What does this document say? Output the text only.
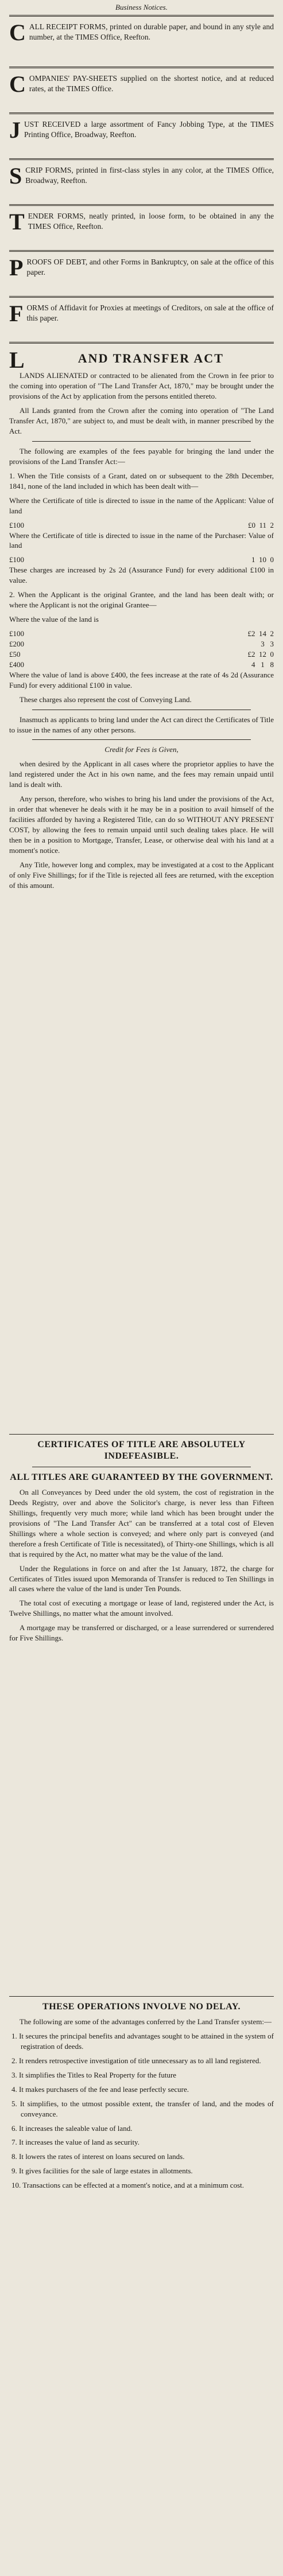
Business Notices.
C ALL RECEIPT FORMS, printed on durable paper, and bound in any style and number, at the TIMES Office, Reefton.
C OMPANIES' PAY-SHEETS supplied on the shortest notice, and at reduced rates, at the TIMES Office.
J UST RECEIVED a large assortment of Fancy Jobbing Type, at the TIMES Printing Office, Broadway, Reefton.
S CRIP FORMS, printed in first-class styles in any color, at the TIMES Office, Broadway, Reefton.
T ENDER FORMS, neatly printed, in loose form, to be obtained in any the TIMES Office, Reefton.
P ROOFS OF DEBT, and other Forms in Bankruptcy, on sale at the office of this paper.
F ORMS of Affidavit for Proxies at meetings of Creditors, on sale at the office of this paper.
L	AND TRANSFER ACT

LANDS ALIENATED or contracted to be alienated from the Crown in fee prior to the coming into operation of "The Land Transfer Act, 1870," may be brought under the provisions of the Act by application from the persons entitled thereto.

All Lands granted from the Crown after the coming into operation of "The Land Transfer Act, 1870," are subject to, and must be dealt with, in manner prescribed by the Act.

The following are examples of the fees payable for bringing the land under the provisions of the Land Transfer Act:—

1. When the Title consists of a Grant, dated on or subsequent to the 28th December, 1841, none of the land included in which has been dealt with—

Where the Certificate of title is directed to issue in the name of the Applicant: Value of land

£100	£0  11  2

Where the Certificate of title is directed to issue in the name of the Purchaser: Value of land

£100	1  10  0

These charges are increased by 2s 2d (Assurance Fund) for every additional £100 in value.

2. When the Applicant is the original Grantee, and the land has been dealt with; or where the Applicant is not the original Grantee—

Where the value of the land is

£100	£2  14  2
£200	3   3
£50	£2  12  0
£400	4   1   8

Where the value of land is above £400, the fees increase at the rate of 4s 2d (Assurance Fund) for every additional £100 in value.

These charges also represent the cost of Conveying Land.

Inasmuch as applicants to bring land under the Act can direct the Certificates of Title to issue in the names of any other persons.

Credit for Fees is Given,

when desired by the Applicant in all cases where the proprietor applies to have the land registered under the Act in his own name, and the fees may remain unpaid until land is dealt with.

Any person, therefore, who wishes to bring his land under the provisions of the Act, in order that whenever he deals with it he may be in a position to avail himself of the facilities afforded by having a Registered Title, can do so WITHOUT ANY PRESENT COST, by allowing the fees to remain unpaid until such dealing takes place. He will then be in a position to Mortgage, Transfer, Lease, or otherwise deal with his land at a moment's notice.

Any Title, however long and complex, may be investigated at a cost to the Applicant of only Five Shillings; for if the Title is rejected all fees are returned, with the exception of this amount.

CERTIFICATES OF TITLE ARE ABSOLUTELY INDEFEASIBLE.

ALL TITLES ARE GUARANTEED BY THE GOVERNMENT.

On all Conveyances by Deed under the old system, the cost of registration in the Deeds Registry, over and above the Solicitor's charge, is never less than Fifteen Shillings, frequently very much more; while land which has been brought under the provisions of "The Land Transfer Act" can be transferred at a total cost of Eleven Shillings where a whole section is conveyed; and where only part is conveyed (and therefore a fresh Certificate of Title is necessitated), of Thirty-one Shillings, which is all that is required by the Act, no matter what may be the value of the land.

Under the Regulations in force on and after the 1st January, 1872, the charge for Certificates of Titles issued upon Memoranda of Transfer is reduced to Ten Shillings in all cases where the value of the land is under Ten Pounds.

The total cost of executing a mortgage or lease of land, registered under the Act, is Twelve Shillings, no matter what the amount involved.

A mortgage may be transferred or discharged, or a lease surrendered or surrendered for Five Shillings.

THESE OPERATIONS INVOLVE NO DELAY.

The following are some of the advantages conferred by the Land Transfer system:—

1. It secures the principal benefits and advantages sought to be attained in the system of registration of deeds.

2. It renders retrospective investigation of title unnecessary as to all land registered.

3. It simplifies the Titles to Real Property for the future

4. It makes purchasers of the fee and lease perfectly secure.

5. It simplifies, to the utmost possible extent, the transfer of land, and the modes of conveyance.

6. It increases the saleable value of land.

7. It increases the value of land as security.

8. It lowers the rates of interest on loans secured on lands.

9. It gives facilities for the sale of large estates in allotments.

10. Transactions can be effected at a moment's notice, and at a minimum cost.
